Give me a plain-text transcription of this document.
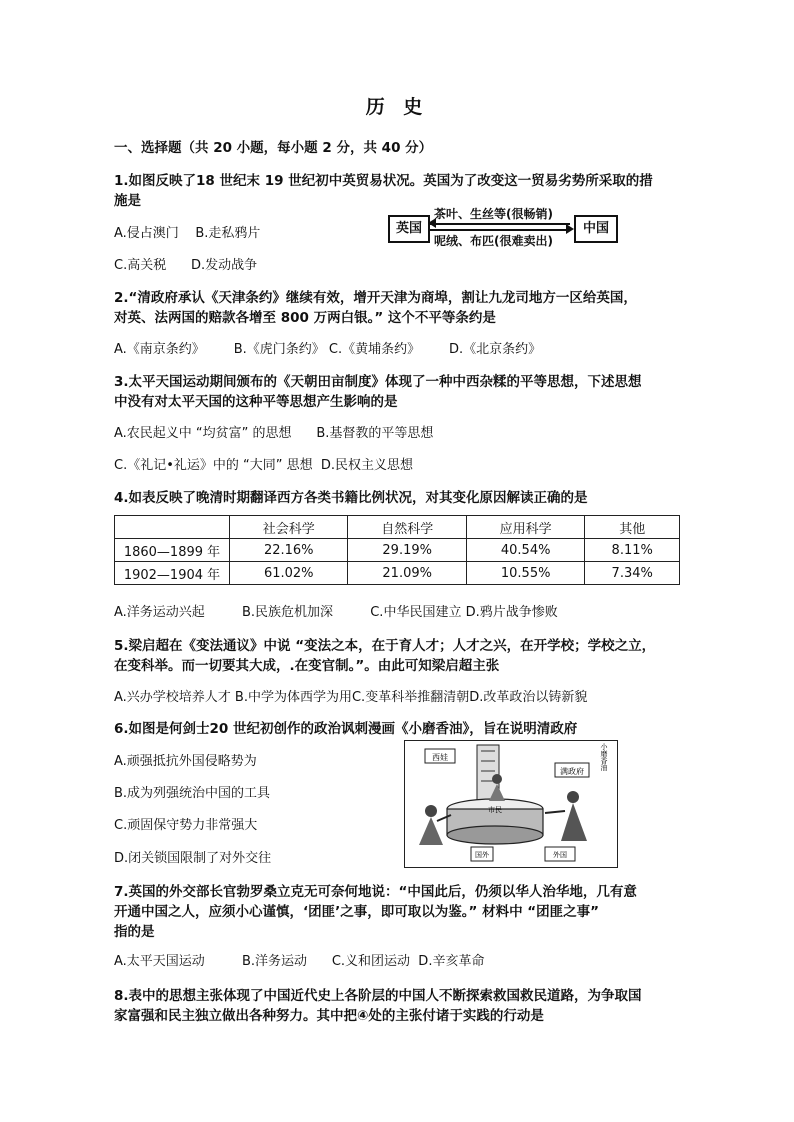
历 史
一、选择题（共 20 小题，每小题 2 分，共 40 分）
1.如图反映了18 世纪末 19 世纪初中英贸易状况。英国为了改变这一贸易劣势所采取的措
施是
A.侵占澳门    B.走私鸦片
C.高关税      D.发动战争
英国
茶叶、生丝等(很畅销)
呢绒、布匹(很难卖出)
中国
2.“清政府承认《天津条约》继续有效，增开天津为商埠，割让九龙司地方一区给英国，
对英、法两国的赔款各增至 800 万两白银。” 这个不平等条约是
A.《南京条约》       B.《虎门条约》 C.《黄埔条约》       D.《北京条约》
3.太平天国运动期间颁布的《天朝田亩制度》体现了一种中西杂糅的平等思想，下述思想
中没有对太平天国的这种平等思想产生影响的是
A.农民起义中 “均贫富” 的思想      B.基督教的平等思想
C.《礼记•礼运》中的 “大同” 思想  D.民权主义思想
4.如表反映了晚清时期翻译西方各类书籍比例状况，对其变化原因解读正确的是
	社会科学	自然科学	应用科学	其他
1860—1899 年	22.16%	29.19%	40.54%	8.11%
1902—1904 年	61.02%	21.09%	10.55%	7.34%
A.洋务运动兴起         B.民族危机加深         C.中华民国建立 D.鸦片战争惨败
5.梁启超在《变法通议》中说 “变法之本，在于育人才；人才之兴，在开学校；学校之立，
在变科举。而一切要其大成，.在变官制。”。由此可知梁启超主张
A.兴办学校培养人才 B.中学为体西学为用C.变革科举推翻清朝D.改革政治以铸新貌
6.如图是何剑士20 世纪初创作的政治讽刺漫画《小磨香油》，旨在说明清政府
A.顽强抵抗外国侵略势为
B.成为列强统治中国的工具
C.顽固保守势力非常强大
D.闭关锁国限制了对外交往
西娃
满政府
小磨香油
市民
国外	外国
7.英国的外交部长官勃罗桑立克无可奈何地说：“中国此后，仍须以华人治华地，几有意
开通中国之人，应须小心谨慎，‘团匪’之事，即可取以为鉴。” 材料中 “团匪之事”
指的是
A.太平天国运动         B.洋务运动      C.义和团运动  D.辛亥革命
8.表中的思想主张体现了中国近代史上各阶层的中国人不断探索救国救民道路，为争取国
家富强和民主独立做出各种努力。其中把④处的主张付诸于实践的行动是
